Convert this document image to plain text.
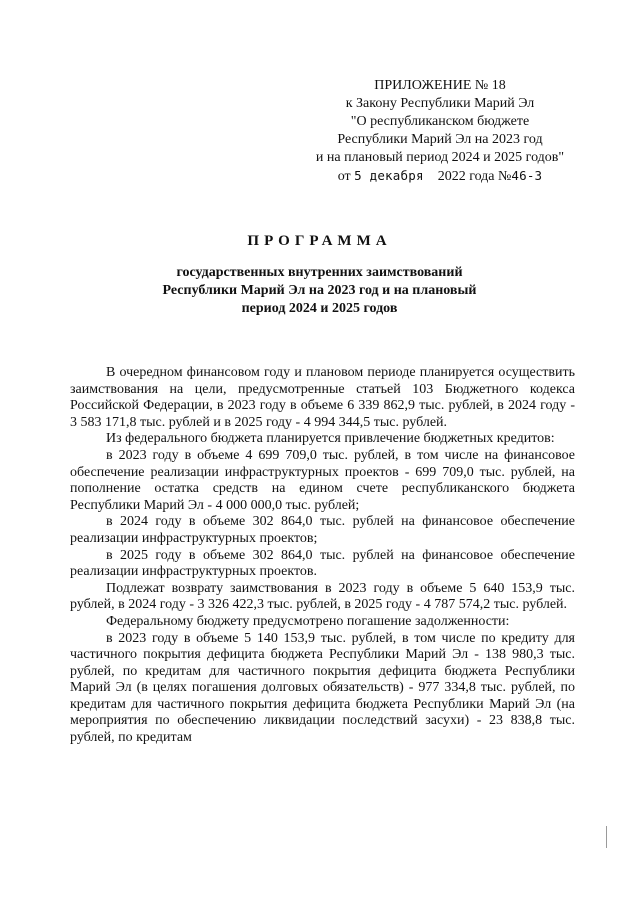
ПРИЛОЖЕНИЕ № 18
к Закону Республики Марий Эл
"О республиканском бюджете
Республики Марий Эл на 2023 год
и на плановый период 2024 и 2025 годов"
от 5 декабря 2022 года №46-З
ПРОГРАММА
государственных внутренних заимствований
Республики Марий Эл на 2023 год и на плановый
период 2024 и 2025 годов

В очередном финансовом году и плановом периоде планируется осуществить заимствования на цели, предусмотренные статьей 103 Бюджетного кодекса Российской Федерации, в 2023 году в объеме 6 339 862,9 тыс. рублей, в 2024 году - 3 583 171,8 тыс. рублей и в 2025 году - 4 994 344,5 тыс. рублей.

Из федерального бюджета планируется привлечение бюджетных кредитов:

в 2023 году в объеме 4 699 709,0 тыс. рублей, в том числе на финансовое обеспечение реализации инфраструктурных проектов - 699 709,0 тыс. рублей, на пополнение остатка средств на едином счете республиканского бюджета Республики Марий Эл - 4 000 000,0 тыс. рублей;

в 2024 году в объеме 302 864,0 тыс. рублей на финансовое обеспечение реализации инфраструктурных проектов;

в 2025 году в объеме 302 864,0 тыс. рублей на финансовое обеспечение реализации инфраструктурных проектов.

Подлежат возврату заимствования в 2023 году в объеме 5 640 153,9 тыс. рублей, в 2024 году - 3 326 422,3 тыс. рублей, в 2025 году - 4 787 574,2 тыс. рублей.

Федеральному бюджету предусмотрено погашение задолженности:

в 2023 году в объеме 5 140 153,9 тыс. рублей, в том числе по кредиту для частичного покрытия дефицита бюджета Республики Марий Эл - 138 980,3 тыс. рублей, по кредитам для частичного покрытия дефицита бюджета Республики Марий Эл (в целях погашения долговых обязательств) - 977 334,8 тыс. рублей, по кредитам для частичного покрытия дефицита бюджета Республики Марий Эл (на мероприятия по обеспечению ликвидации последствий засухи) - 23 838,8 тыс. рублей, по кредитам
